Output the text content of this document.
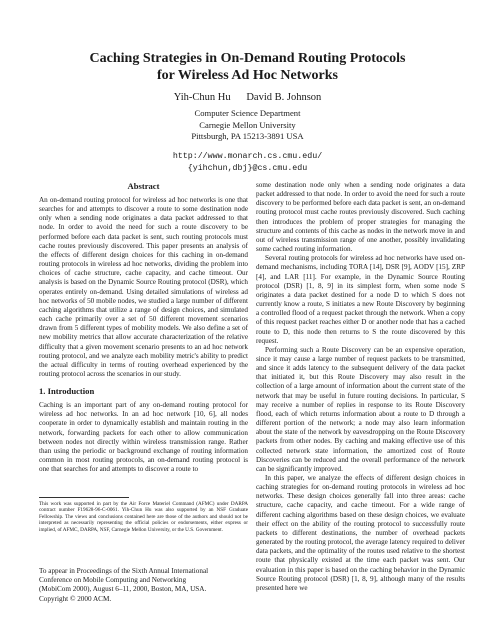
Caching Strategies in On-Demand Routing Protocols
for Wireless Ad Hoc Networks
Yih-Chun Hu      David B. Johnson
Computer Science Department
Carnegie Mellon University
Pittsburgh, PA 15213-3891 USA
http://www.monarch.cs.cmu.edu/
{yihchun,dbj}@cs.cmu.edu
Abstract

An on-demand routing protocol for wireless ad hoc networks is one that searches for and attempts to discover a route to some destination node only when a sending node originates a data packet addressed to that node. In order to avoid the need for such a route discovery to be performed before each data packet is sent, such routing protocols must cache routes previously discovered. This paper presents an analysis of the effects of different design choices for this caching in on-demand routing protocols in wireless ad hoc networks, dividing the problem into choices of cache structure, cache capacity, and cache timeout. Our analysis is based on the Dynamic Source Routing protocol (DSR), which operates entirely on-demand. Using detailed simulations of wireless ad hoc networks of 50 mobile nodes, we studied a large number of different caching algorithms that utilize a range of design choices, and simulated each cache primarily over a set of 50 different movement scenarios drawn from 5 different types of mobility models. We also define a set of new mobility metrics that allow accurate characterization of the relative difficulty that a given movement scenario presents to an ad hoc network routing protocol, and we analyze each mobility metric's ability to predict the actual difficulty in terms of routing overhead experienced by the routing protocol across the scenarios in our study.

1. Introduction

Caching is an important part of any on-demand routing protocol for wireless ad hoc networks. In an ad hoc network [10, 6], all nodes cooperate in order to dynamically establish and maintain routing in the network, forwarding packets for each other to allow communication between nodes not directly within wireless transmission range. Rather than using the periodic or background exchange of routing information common in most routing protocols, an on-demand routing protocol is one that searches for and attempts to discover a route to

This work was supported in part by the Air Force Materiel Command (AFMC) under DARPA contract number F19628-96-C-0061. Yih-Chun Hu was also supported by an NSF Graduate Fellowship. The views and conclusions contained here are those of the authors and should not be interpreted as necessarily representing the official policies or endorsements, either express or implied, of AFMC, DARPA, NSF, Carnegie Mellon University, or the U.S. Government.
To appear in Proceedings of the Sixth Annual International
Conference on Mobile Computing and Networking
(MobiCom 2000), August 6–11, 2000, Boston, MA, USA.
Copyright © 2000 ACM.

some destination node only when a sending node originates a data packet addressed to that node. In order to avoid the need for such a route discovery to be performed before each data packet is sent, an on-demand routing protocol must cache routes previously discovered. Such caching then introduces the problem of proper strategies for managing the structure and contents of this cache as nodes in the network move in and out of wireless transmission range of one another, possibly invalidating some cached routing information.

Several routing protocols for wireless ad hoc networks have used on-demand mechanisms, including TORA [14], DSR [9], AODV [15], ZRP [4], and LAR [11]. For example, in the Dynamic Source Routing protocol (DSR) [1, 8, 9] in its simplest form, when some node S originates a data packet destined for a node D to which S does not currently know a route, S initiates a new Route Discovery by beginning a controlled flood of a request packet through the network. When a copy of this request packet reaches either D or another node that has a cached route to D, this node then returns to S the route discovered by this request.

Performing such a Route Discovery can be an expensive operation, since it may cause a large number of request packets to be transmitted, and since it adds latency to the subsequent delivery of the data packet that initiated it, but this Route Discovery may also result in the collection of a large amount of information about the current state of the network that may be useful in future routing decisions. In particular, S may receive a number of replies in response to its Route Discovery flood, each of which returns information about a route to D through a different portion of the network; a node may also learn information about the state of the network by eavesdropping on the Route Discovery packets from other nodes. By caching and making effective use of this collected network state information, the amortized cost of Route Discoveries can be reduced and the overall performance of the network can be significantly improved.

In this paper, we analyze the effects of different design choices in caching strategies for on-demand routing protocols in wireless ad hoc networks. These design choices generally fall into three areas: cache structure, cache capacity, and cache timeout. For a wide range of different caching algorithms based on these design choices, we evaluate their effect on the ability of the routing protocol to successfully route packets to different destinations, the number of overhead packets generated by the routing protocol, the average latency required to deliver data packets, and the optimality of the routes used relative to the shortest route that physically existed at the time each packet was sent. Our evaluation in this paper is based on the caching behavior in the Dynamic Source Routing protocol (DSR) [1, 8, 9], although many of the results presented here we
